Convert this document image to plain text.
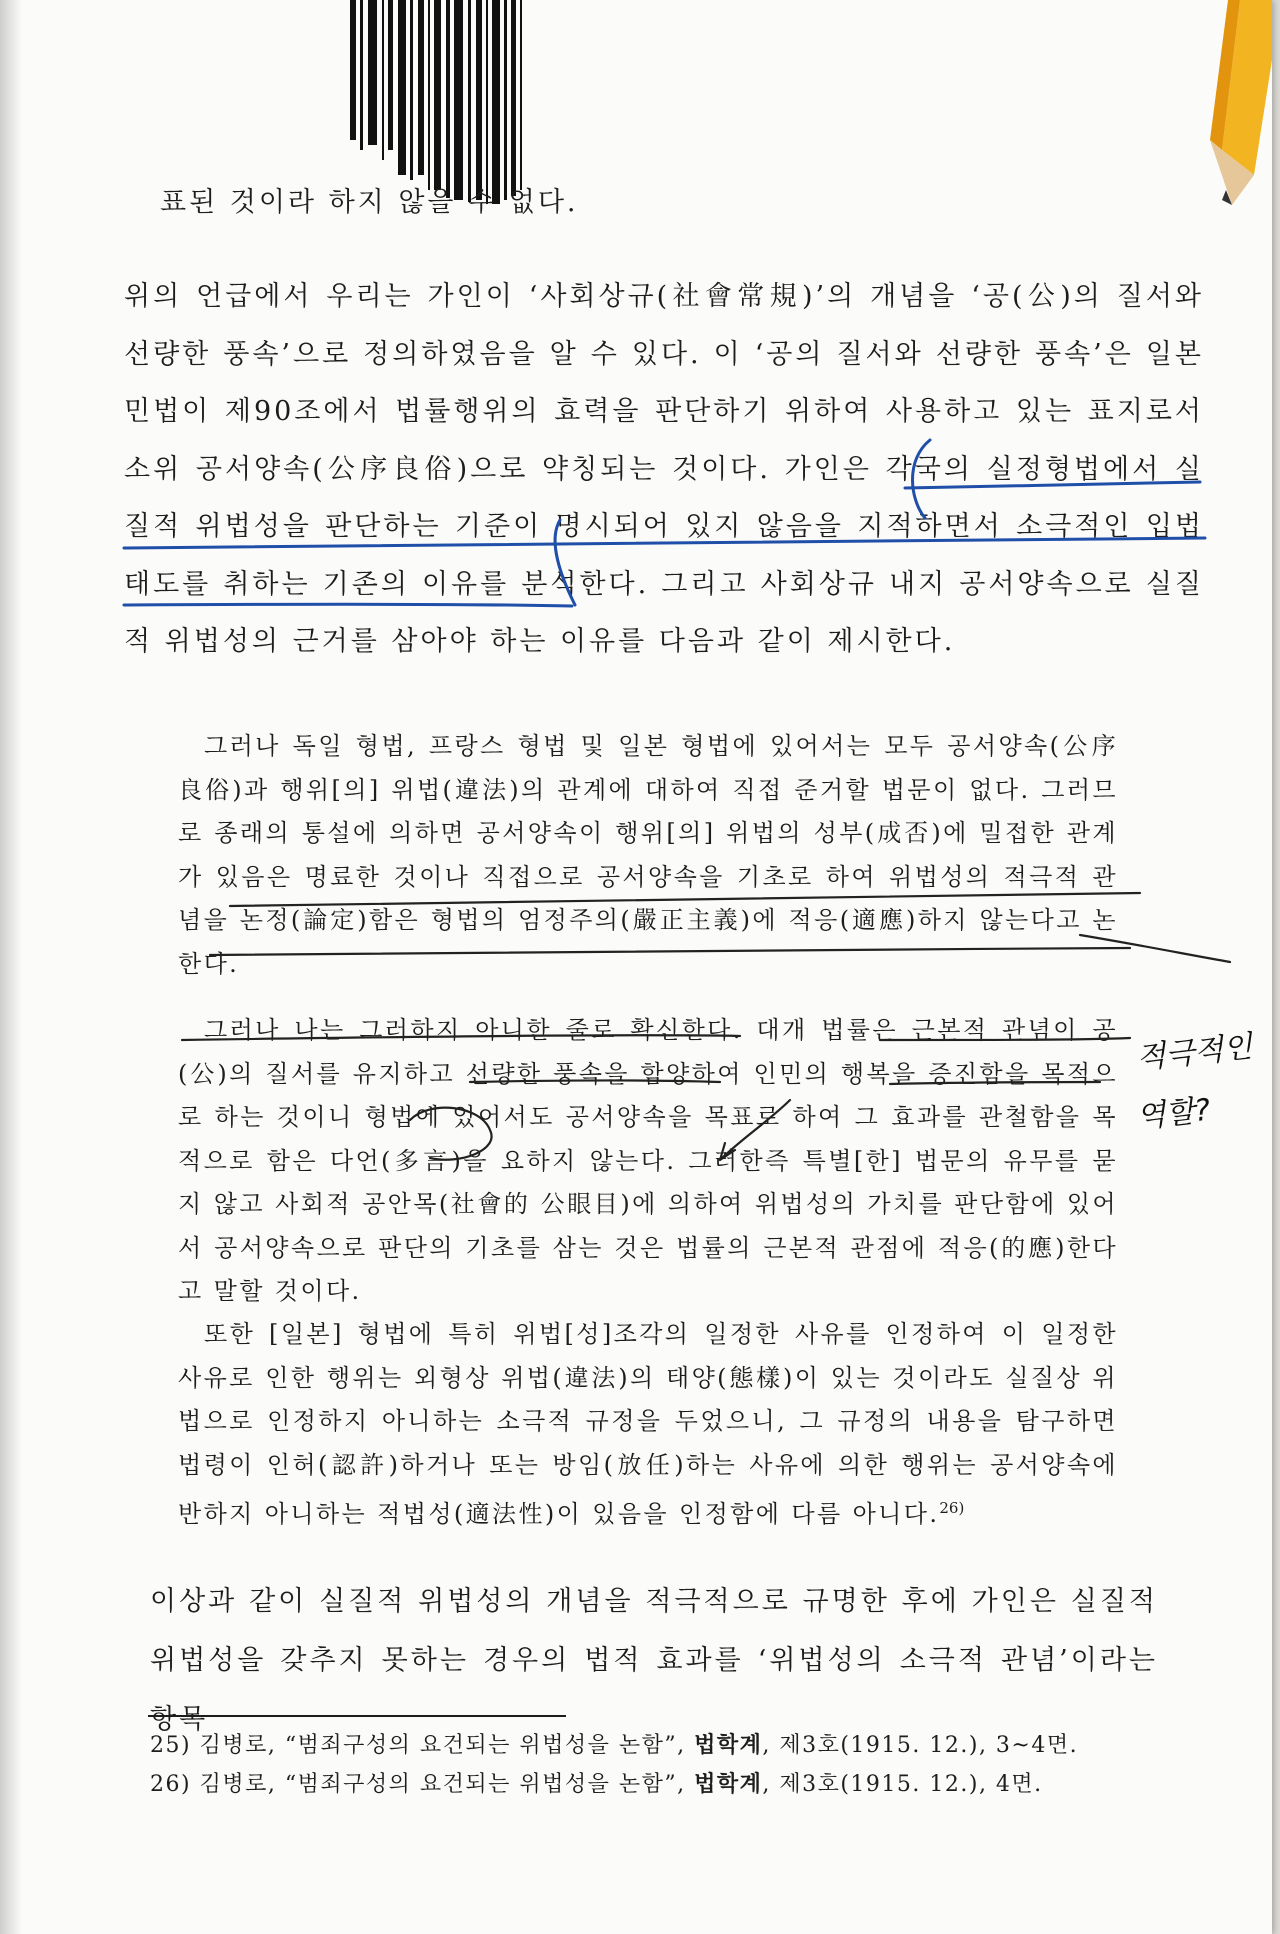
표된 것이라 하지 않을 수 없다.

위의 언급에서 우리는 가인이 ‘사회상규(社會常規)’의 개념을 ‘공(公)의 질서와 선량한 풍속’으로 정의하였음을 알 수 있다. 이 ‘공의 질서와 선량한 풍속’은 일본 민법이 제90조에서 법률행위의 효력을 판단하기 위하여 사용하고 있는 표지로서 소위 공서양속(公序良俗)으로 약칭되는 것이다. 가인은 각국의 실정형법에서 실질적 위법성을 판단하는 기준이 명시되어 있지 않음을 지적하면서 소극적인 입법태도를 취하는 기존의 이유를 분석한다. 그리고 사회상규 내지 공서양속으로 실질적 위법성의 근거를 삼아야 하는 이유를 다음과 같이 제시한다.

그러나 독일 형법, 프랑스 형법 및 일본 형법에 있어서는 모두 공서양속(公序良俗)과 행위[의] 위법(違法)의 관계에 대하여 직접 준거할 법문이 없다. 그러므로 종래의 통설에 의하면 공서양속이 행위[의] 위법의 성부(成否)에 밀접한 관계가 있음은 명료한 것이나 직접으로 공서양속을 기초로 하여 위법성의 적극적 관념을 논정(論定)함은 형법의 엄정주의(嚴正主義)에 적응(適應)하지 않는다고 논한다.

그러나 나는 그러하지 아니한 줄로 확신한다. 대개 법률은 근본적 관념이 공(公)의 질서를 유지하고 선량한 풍속을 함양하여 인민의 행복을 증진함을 목적으로 하는 것이니 형법에 있어서도 공서양속을 목표로 하여 그 효과를 관철함을 목적으로 함은 다언(多言)을 요하지 않는다. 그러한즉 특별[한] 법문의 유무를 묻지 않고 사회적 공안목(社會的 公眼目)에 의하여 위법성의 가치를 판단함에 있어서 공서양속으로 판단의 기초를 삼는 것은 법률의 근본적 관점에 적응(的應)한다고 말할 것이다.

또한 [일본] 형법에 특히 위법[성]조각의 일정한 사유를 인정하여 이 일정한 사유로 인한 행위는 외형상 위법(違法)의 태양(態樣)이 있는 것이라도 실질상 위법으로 인정하지 아니하는 소극적 규정을 두었으니, 그 규정의 내용을 탐구하면 법령이 인허(認許)하거나 또는 방임(放任)하는 사유에 의한 행위는 공서양속에 반하지 아니하는 적법성(適法性)이 있음을 인정함에 다름 아니다.$^{26)}$

이상과 같이 실질적 위법성의 개념을 적극적으로 규명한 후에 가인은 실질적 위법성을 갖추지 못하는 경우의 법적 효과를 ‘위법성의 소극적 관념’이라는 항목

25) 김병로, “범죄구성의 요건되는 위법성을 논함”, 법학계, 제3호(1915. 12.), 3~4면.

26) 김병로, “범죄구성의 요건되는 위법성을 논함”, 법학계, 제3호(1915. 12.), 4면.

적극적인

역할?
